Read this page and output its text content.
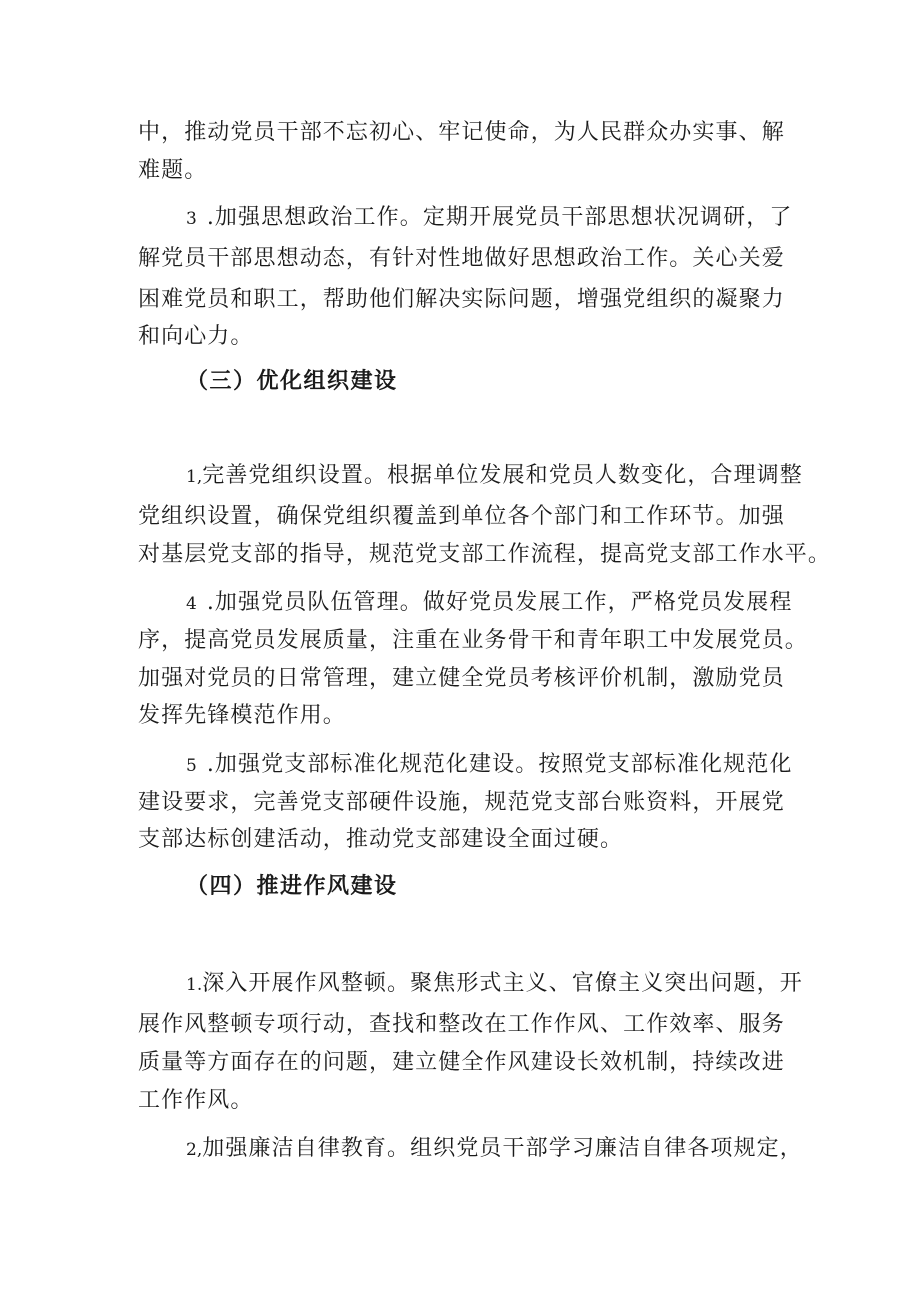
中，推动党员干部不忘初心、牢记使命，为人民群众办实事、解
难题。
3 .加强思想政治工作。定期开展党员干部思想状况调研，了
解党员干部思想动态，有针对性地做好思想政治工作。关心关爱
困难党员和职工，帮助他们解决实际问题，增强党组织的凝聚力
和向心力。
（三）优化组织建设
1,完善党组织设置。根据单位发展和党员人数变化，合理调整
党组织设置，确保党组织覆盖到单位各个部门和工作环节。加强
对基层党支部的指导，规范党支部工作流程，提高党支部工作水平。
4 .加强党员队伍管理。做好党员发展工作，严格党员发展程
序，提高党员发展质量，注重在业务骨干和青年职工中发展党员。
加强对党员的日常管理，建立健全党员考核评价机制，激励党员
发挥先锋模范作用。
5 .加强党支部标准化规范化建设。按照党支部标准化规范化
建设要求，完善党支部硬件设施，规范党支部台账资料，开展党
支部达标创建活动，推动党支部建设全面过硬。
（四）推进作风建设
1.深入开展作风整顿。聚焦形式主义、官僚主义突出问题，开
展作风整顿专项行动，查找和整改在工作作风、工作效率、服务
质量等方面存在的问题，建立健全作风建设长效机制，持续改进
工作作风。
2,加强廉洁自律教育。组织党员干部学习廉洁自律各项规定，
